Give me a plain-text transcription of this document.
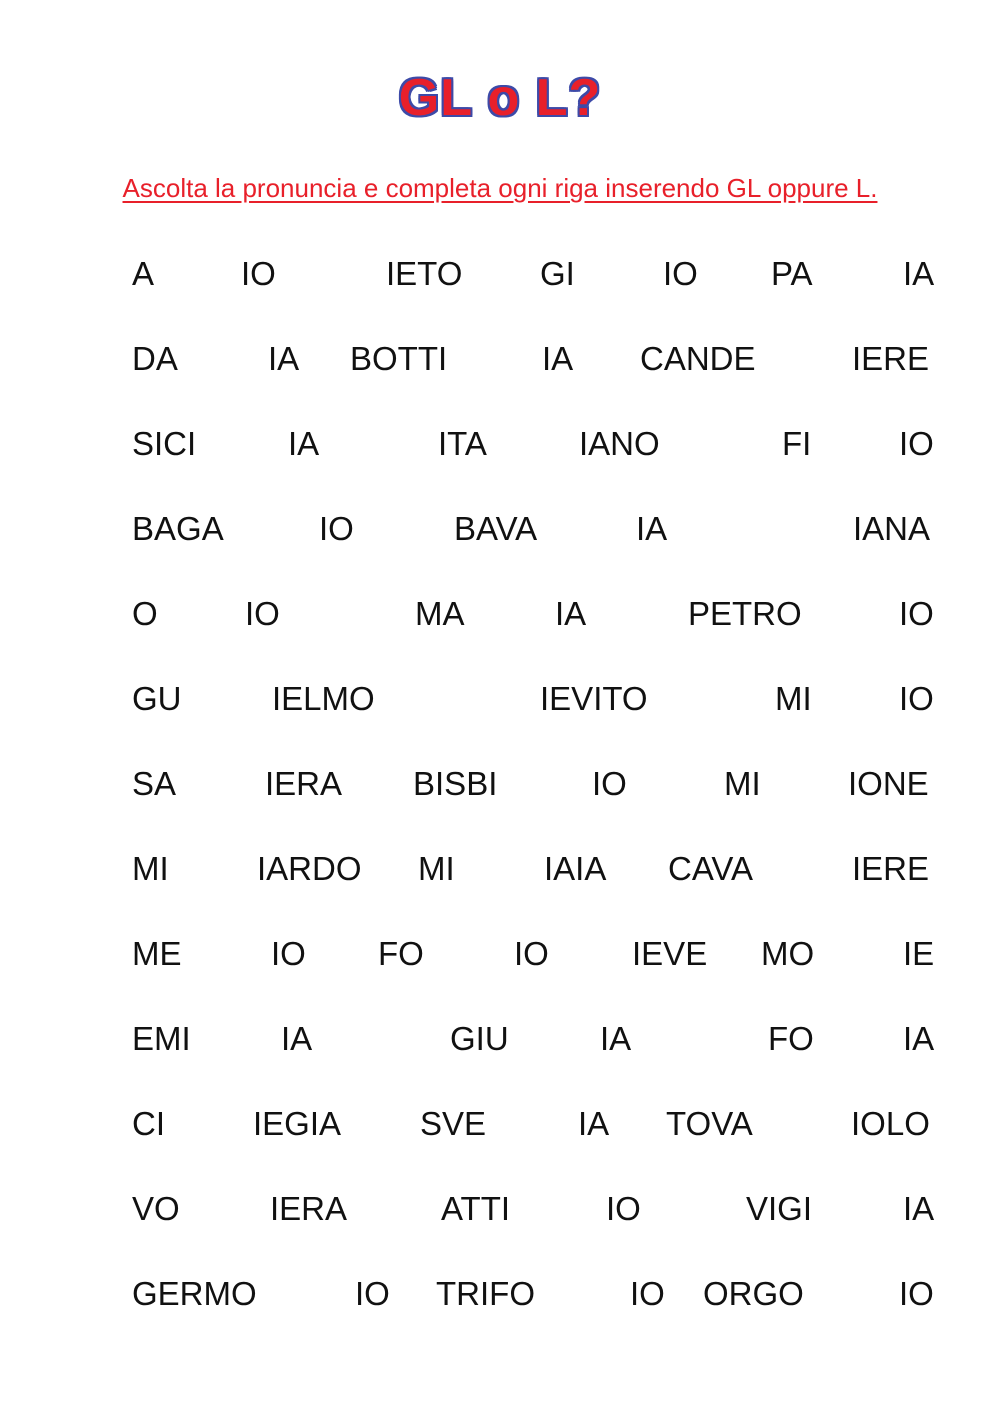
GL o L?
Ascolta la pronuncia e completa ogni riga inserendo GL oppure L.
A	IO	IETO GI	IO PA	IA
DA	IA BOTTI	IA CANDE	IERE
SICI	IA	ITA	IANO	FI	IO
BAGA	IO	BAVA	IA	IANA
O	IO	MA	IA	PETRO	IO
GU	IELMO	IEVITO	MI	IO
SA	IERA BISBI	IO	MI	IONE
MI	IARDO MI	IAIA CAVA	IERE
ME	IO FO	IO	IEVE MO	IE
EMI	IA	GIU	IA	FO	IA
CI	IEGIA SVE	IA TOVA	IOLO
VO	IERA	ATTI	IO	VIGI	IA
GERMO	IO TRIFO	IO ORGO	IO
